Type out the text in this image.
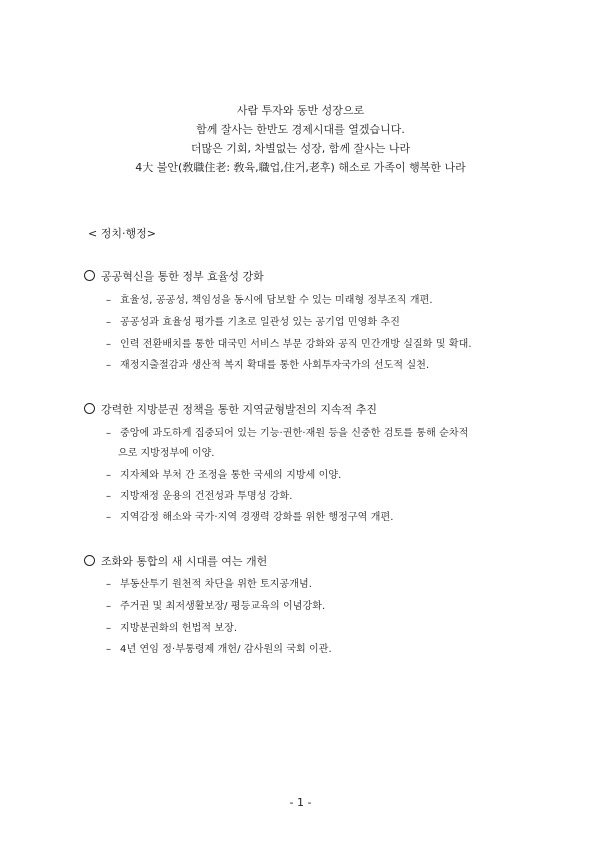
사람 투자와 동반 성장으로
함께 잘사는 한반도 경제시대를 열겠습니다.
더많은 기회, 차별없는 성장, 함께 잘사는 나라
4大 불안(敎職住老: 敎육,職업,住거,老후) 해소로 가족이 행복한 나라
< 정치·행정>
공공혁신을 통한 정부 효율성 강화
– 효율성, 공공성, 책임성을 동시에 담보할 수 있는 미래형 정부조직 개편.
– 공공성과 효율성 평가를 기초로 일관성 있는 공기업 민영화 추진
– 인력 전환배치를 통한 대국민 서비스 부문 강화와 공직 민간개방 실질화 및 확대.
– 재정지출절감과 생산적 복지 확대를 통한 사회투자국가의 선도적 실천.
강력한 지방분권 정책을 통한 지역균형발전의 지속적 추진
– 중앙에 과도하게 집중되어 있는 기능·권한·재원 등을 신중한 검토를 통해 순차적
으로 지방정부에 이양.
– 지자체와 부처 간 조정을 통한 국세의 지방세 이양.
– 지방재정 운용의 건전성과 투명성 강화.
– 지역감정 해소와 국가·지역 경쟁력 강화를 위한 행정구역 개편.
조화와 통합의 새 시대를 여는 개헌
– 부동산투기 원천적 차단을 위한 토지공개념.
– 주거권 및 최저생활보장/ 평등교육의 이념강화.
– 지방분권화의 헌법적 보장.
– 4년 연임 정·부통령제 개헌/ 감사원의 국회 이관.
- 1 -
